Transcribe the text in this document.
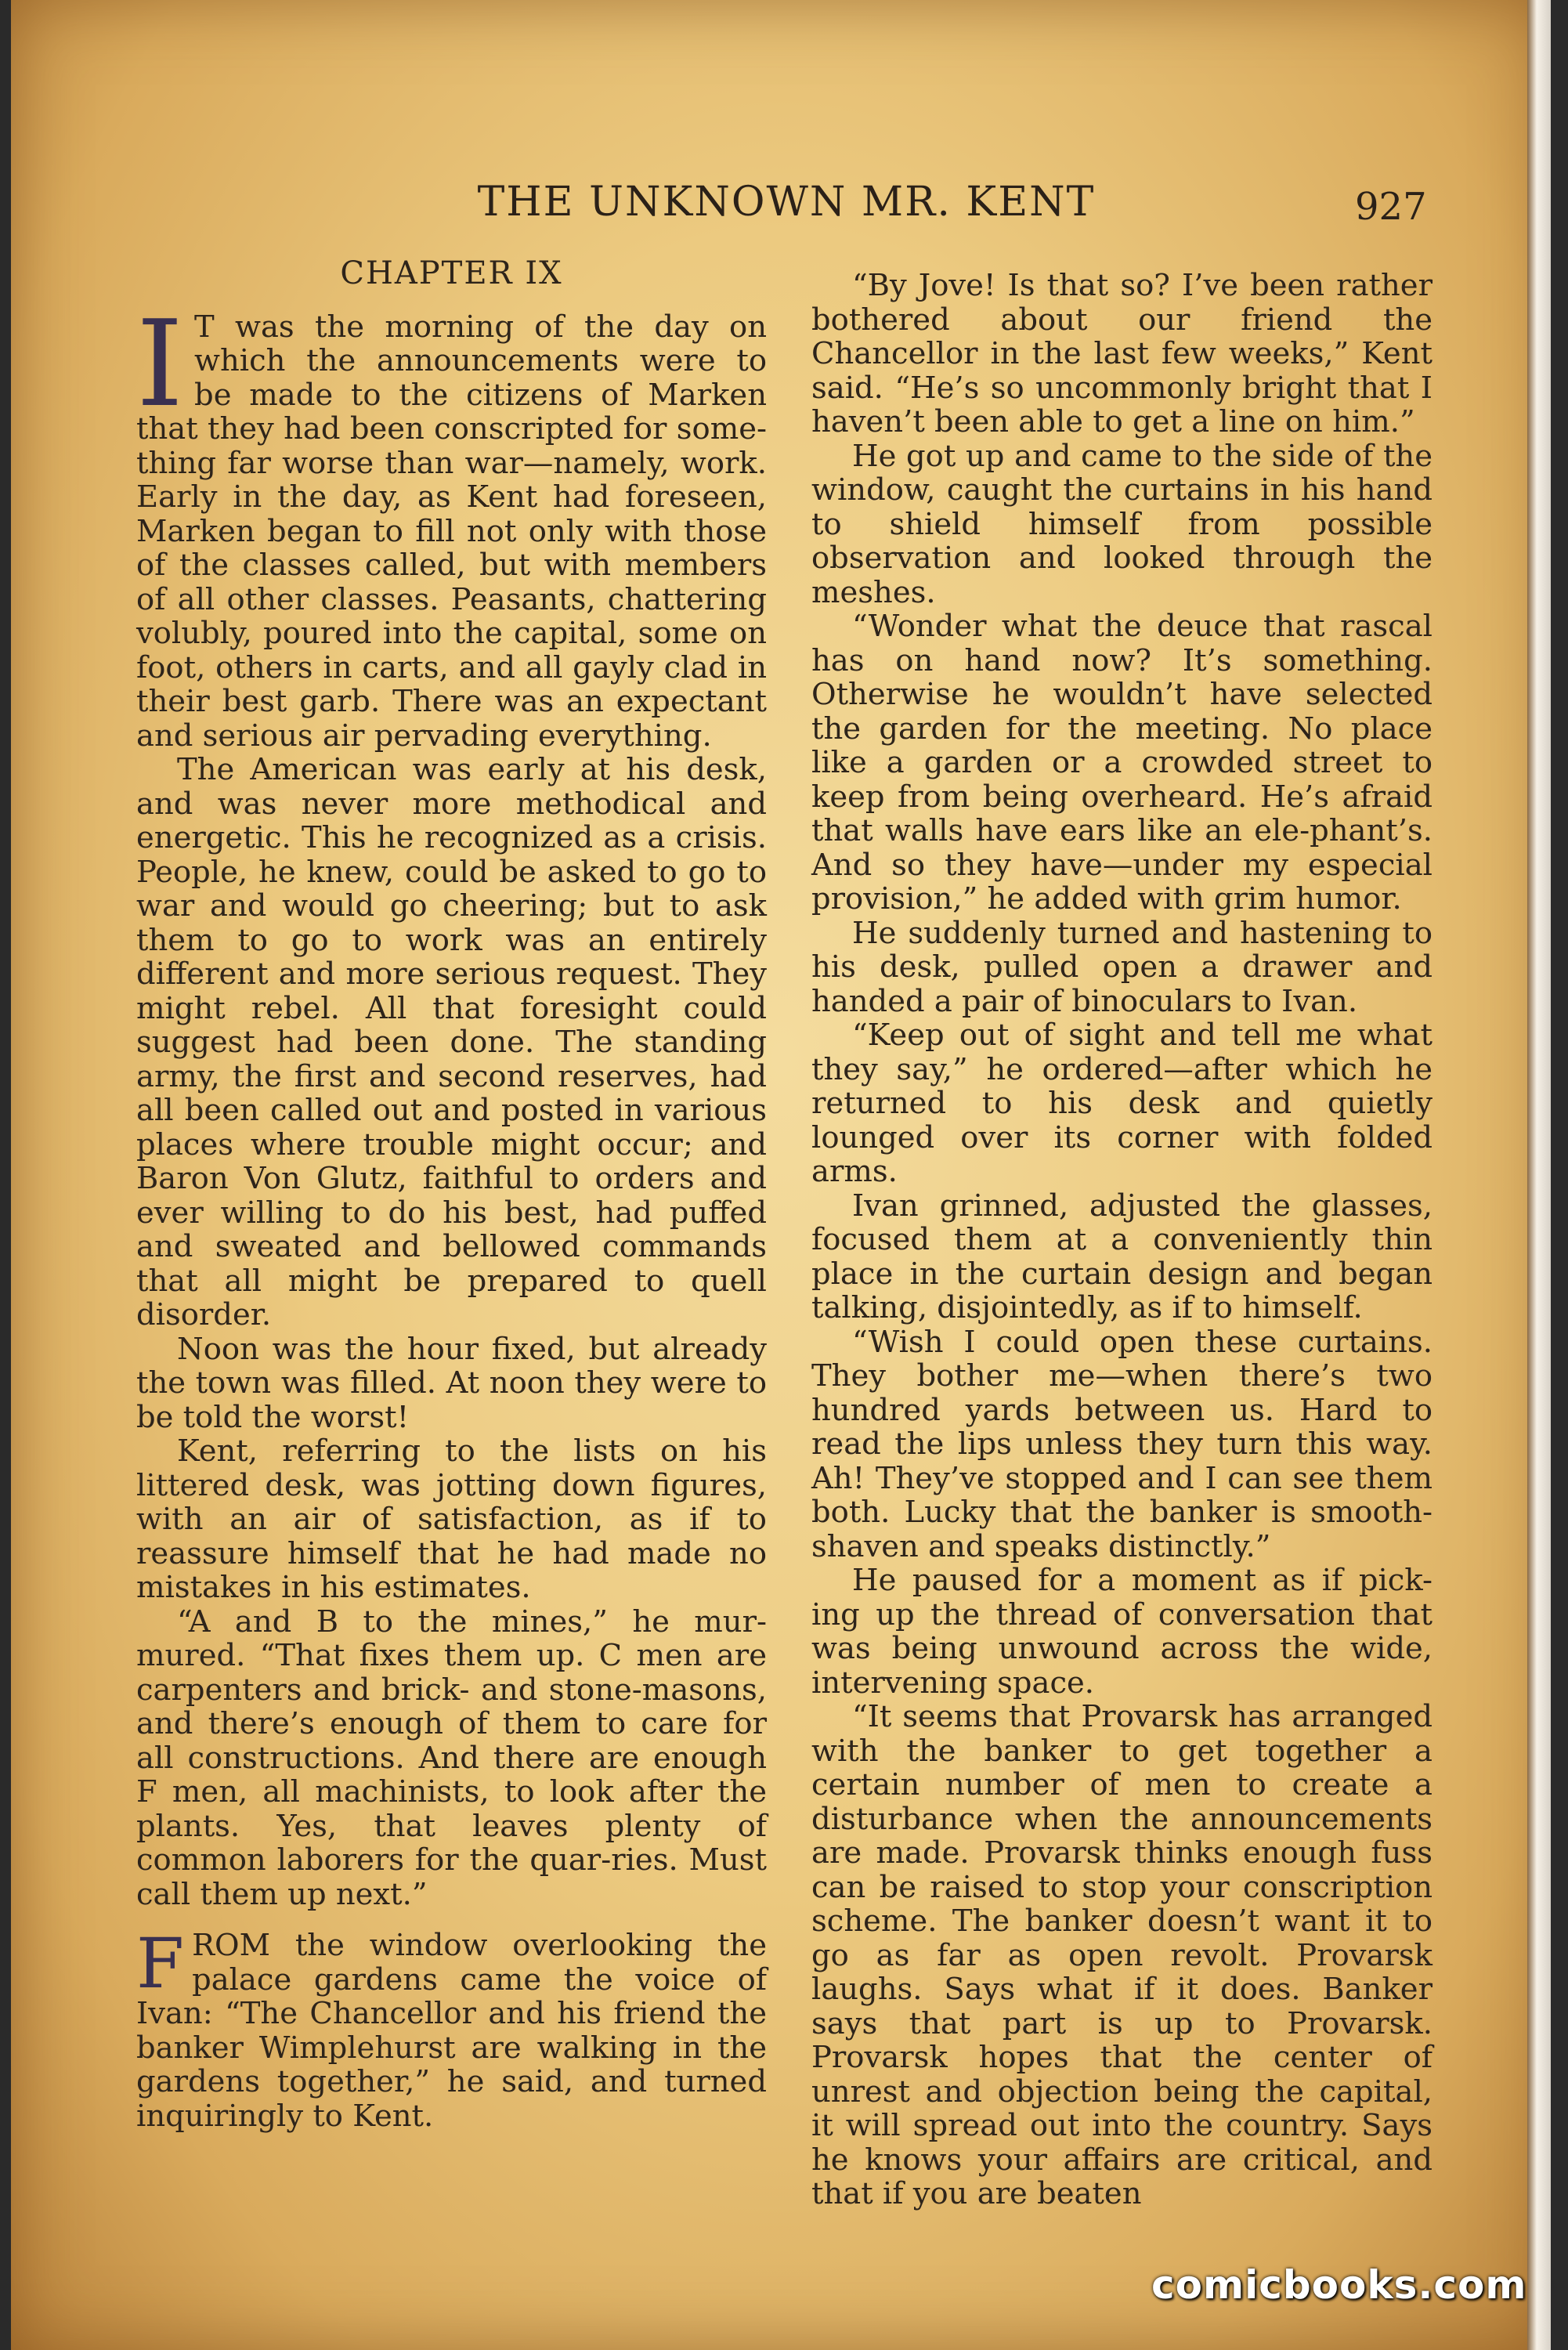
THE UNKNOWN MR. KENT	927
CHAPTER IX

I T was the morning of the day on which the announcements were to be made to the citizens of Marken that they had been conscripted for some-thing far worse than war—namely, work. Early in the day, as Kent had foreseen, Marken began to fill not only with those of the classes called, but with members of all other classes. Peasants, chattering volubly, poured into the capital, some on foot, others in carts, and all gayly clad in their best garb. There was an expectant and serious air pervading everything.

The American was early at his desk, and was never more methodical and energetic. This he recognized as a crisis. People, he knew, could be asked to go to war and would go cheering; but to ask them to go to work was an entirely different and more serious request. They might rebel. All that foresight could suggest had been done. The standing army, the first and second reserves, had all been called out and posted in various places where trouble might occur; and Baron Von Glutz, faithful to orders and ever willing to do his best, had puffed and sweated and bellowed commands that all might be prepared to quell disorder.

Noon was the hour fixed, but already the town was filled. At noon they were to be told the worst!

Kent, referring to the lists on his littered desk, was jotting down figures, with an air of satisfaction, as if to reassure himself that he had made no mistakes in his estimates.

“A and B to the mines,” he mur-mured. “That fixes them up. C men are carpenters and brick- and stone-masons, and there’s enough of them to care for all constructions. And there are enough F men, all machinists, to look after the plants. Yes, that leaves plenty of common laborers for the quar-ries. Must call them up next.”

FROM the window overlooking the palace gardens came the voice of Ivan: “The Chancellor and his friend the banker Wimplehurst are walking in the gardens together,” he said, and turned inquiringly to Kent.

“By Jove! Is that so? I’ve been rather bothered about our friend the Chancellor in the last few weeks,” Kent said. “He’s so uncommonly bright that I haven’t been able to get a line on him.”

He got up and came to the side of the window, caught the curtains in his hand to shield himself from possible observation and looked through the meshes.

“Wonder what the deuce that rascal has on hand now? It’s something. Otherwise he wouldn’t have selected the garden for the meeting. No place like a garden or a crowded street to keep from being overheard. He’s afraid that walls have ears like an ele-phant’s. And so they have—under my especial provision,” he added with grim humor.

He suddenly turned and hastening to his desk, pulled open a drawer and handed a pair of binoculars to Ivan.

“Keep out of sight and tell me what they say,” he ordered—after which he returned to his desk and quietly lounged over its corner with folded arms.

Ivan grinned, adjusted the glasses, focused them at a conveniently thin place in the curtain design and began talking, disjointedly, as if to himself.

“Wish I could open these curtains. They bother me—when there’s two hundred yards between us. Hard to read the lips unless they turn this way. Ah! They’ve stopped and I can see them both. Lucky that the banker is smooth-shaven and speaks distinctly.”

He paused for a moment as if pick-ing up the thread of conversation that was being unwound across the wide, intervening space.

“It seems that Provarsk has arranged with the banker to get together a certain number of men to create a disturbance when the announcements are made. Provarsk thinks enough fuss can be raised to stop your conscription scheme. The banker doesn’t want it to go as far as open revolt. Provarsk laughs. Says what if it does. Banker says that part is up to Provarsk. Provarsk hopes that the center of unrest and objection being the capital, it will spread out into the country. Says he knows your affairs are critical, and that if you are beaten

comicbooks.com
